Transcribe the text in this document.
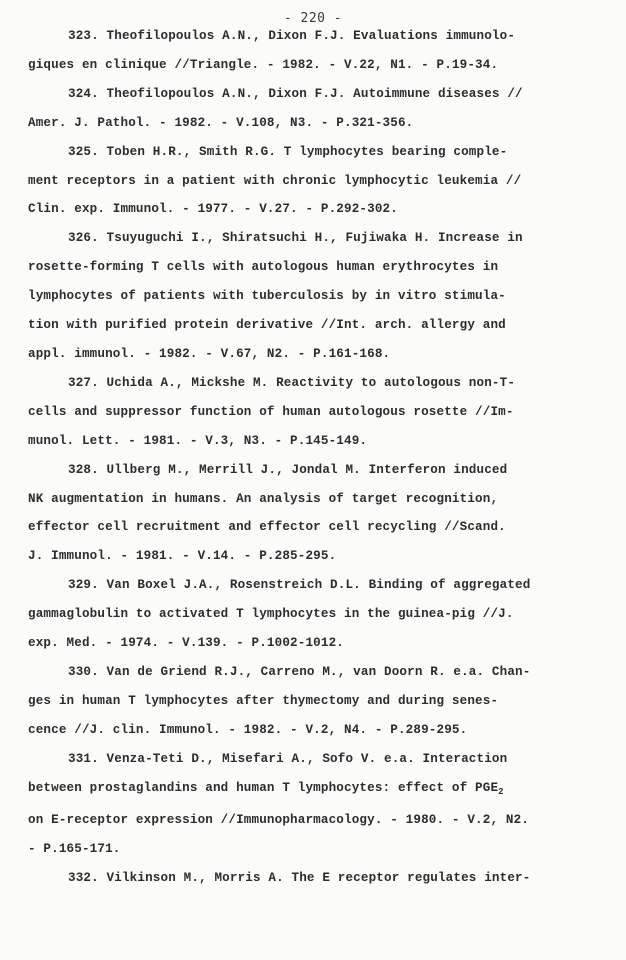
- 220 -
323. Theofilopoulos A.N., Dixon F.J. Evaluations immunolo-
giques en clinique //Triangle. - 1982. - V.22, N1. - P.19-34.
324. Theofilopoulos A.N., Dixon F.J. Autoimmune diseases //
Amer. J. Pathol. - 1982. - V.108, N3. - P.321-356.
325. Toben H.R., Smith R.G. T lymphocytes bearing comple-
ment receptors in a patient with chronic lymphocytic leukemia //
Clin. exp. Immunol. - 1977. - V.27. - P.292-302.
326. Tsuyuguchi I., Shiratsuchi H., Fujiwaka H. Increase in
rosette-forming T cells with autologous human erythrocytes in
lymphocytes of patients with tuberculosis by in vitro stimula-
tion with purified protein derivative //Int. arch. allergy and
appl. immunol. - 1982. - V.67, N2. - P.161-168.
327. Uchida A., Mickshe M. Reactivity to autologous non-T-
cells and suppressor function of human autologous rosette //Im-
munol. Lett. - 1981. - V.3, N3. - P.145-149.
328. Ullberg M., Merrill J., Jondal M. Interferon induced
NK augmentation in humans. An analysis of target recognition,
effector cell recruitment and effector cell recycling //Scand.
J. Immunol. - 1981. - V.14. - P.285-295.
329. Van Boxel J.A., Rosenstreich D.L. Binding of aggregated
gammaglobulin to activated T lymphocytes in the guinea-pig //J.
exp. Med. - 1974. - V.139. - P.1002-1012.
330. Van de Griend R.J., Carreno M., van Doorn R. e.a. Chan-
ges in human T lymphocytes after thymectomy and during senes-
cence //J. clin. Immunol. - 1982. - V.2, N4. - P.289-295.
331. Venza-Teti D., Misefari A., Sofo V. e.a. Interaction
between prostaglandins and human T lymphocytes: effect of $PGE_2$
on E-receptor expression //Immunopharmacology. - 1980. - V.2, N2.
- P.165-171.
332. Vilkinson M., Morris A. The E receptor regulates inter-
